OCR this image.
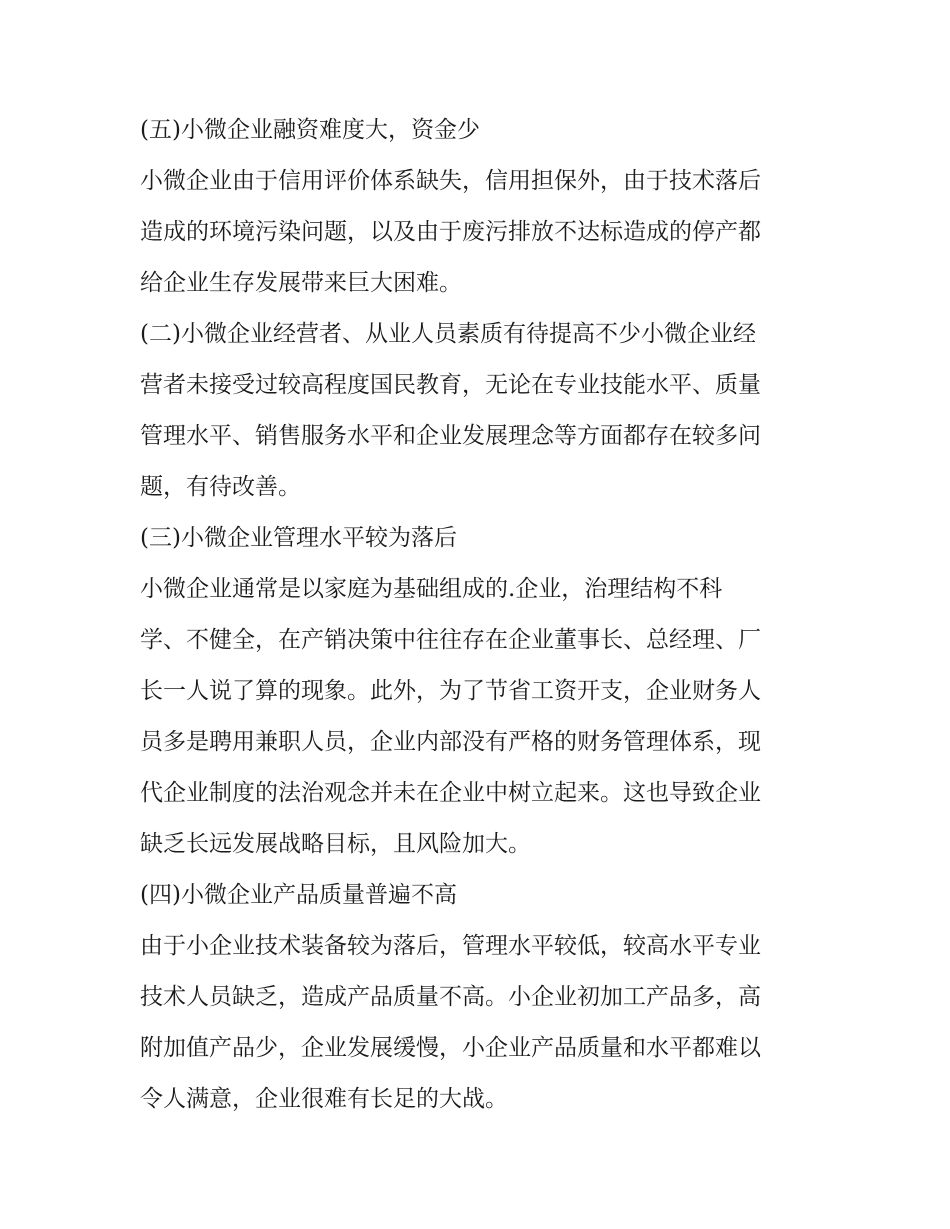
(五)小微企业融资难度大，资金少
小微企业由于信用评价体系缺失，信用担保外，由于技术落后
造成的环境污染问题，以及由于废污排放不达标造成的停产都
给企业生存发展带来巨大困难。
(二)小微企业经营者、从业人员素质有待提高不少小微企业经
营者未接受过较高程度国民教育，无论在专业技能水平、质量
管理水平、销售服务水平和企业发展理念等方面都存在较多问
题，有待改善。
(三)小微企业管理水平较为落后
小微企业通常是以家庭为基础组成的.企业，治理结构不科
学、不健全，在产销决策中往往存在企业董事长、总经理、厂
长一人说了算的现象。此外，为了节省工资开支，企业财务人
员多是聘用兼职人员，企业内部没有严格的财务管理体系，现
代企业制度的法治观念并未在企业中树立起来。这也导致企业
缺乏长远发展战略目标，且风险加大。
(四)小微企业产品质量普遍不高
由于小企业技术装备较为落后，管理水平较低，较高水平专业
技术人员缺乏，造成产品质量不高。小企业初加工产品多，高
附加值产品少，企业发展缓慢，小企业产品质量和水平都难以
令人满意，企业很难有长足的大战。
